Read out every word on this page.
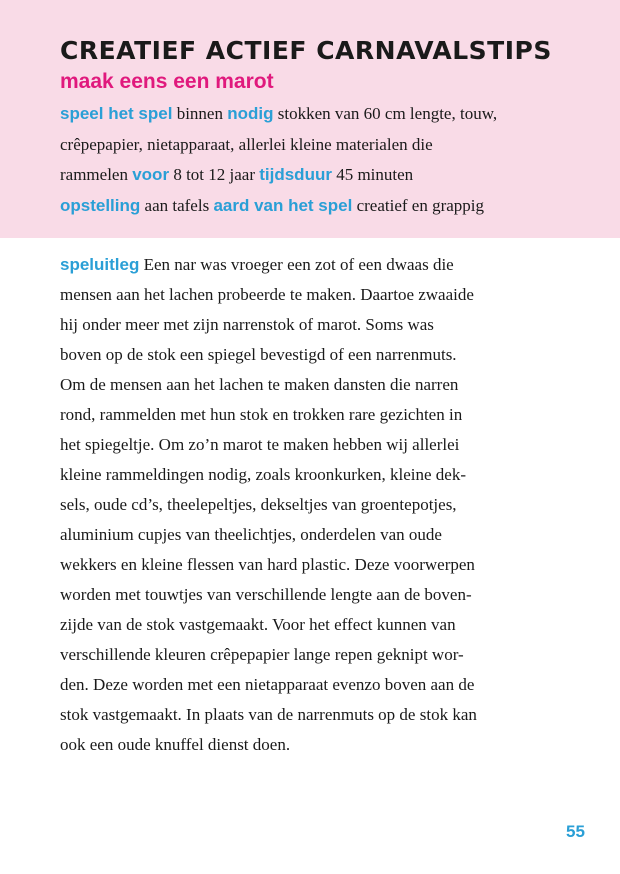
CREATIEF ACTIEF CARNAVALSTIPS
maak eens een marot

speel het spel binnen nodig stokken van 60 cm lengte, touw,
crêpepapier, nietapparaat, allerlei kleine materialen die
rammelen voor 8 tot 12 jaar tijdsduur 45 minuten
opstelling aan tafels aard van het spel creatief en grappig

speluitleg Een nar was vroeger een zot of een dwaas die
mensen aan het lachen probeerde te maken. Daartoe zwaaide
hij onder meer met zijn narrenstok of marot. Soms was
boven op de stok een spiegel bevestigd of een narrenmuts.
Om de mensen aan het lachen te maken dansten die narren
rond, rammelden met hun stok en trokken rare gezichten in
het spiegeltje. Om zo’n marot te maken hebben wij allerlei
kleine rammeldingen nodig, zoals kroonkurken, kleine dek-
sels, oude cd’s, theelepeltjes, dekseltjes van groentepotjes,
aluminium cupjes van theelichtjes, onderdelen van oude
wekkers en kleine flessen van hard plastic. Deze voorwerpen
worden met touwtjes van verschillende lengte aan de boven-
zijde van de stok vastgemaakt. Voor het effect kunnen van
verschillende kleuren crêpepapier lange repen geknipt wor-
den. Deze worden met een nietapparaat evenzo boven aan de
stok vastgemaakt. In plaats van de narrenmuts op de stok kan
ook een oude knuffel dienst doen.

55
